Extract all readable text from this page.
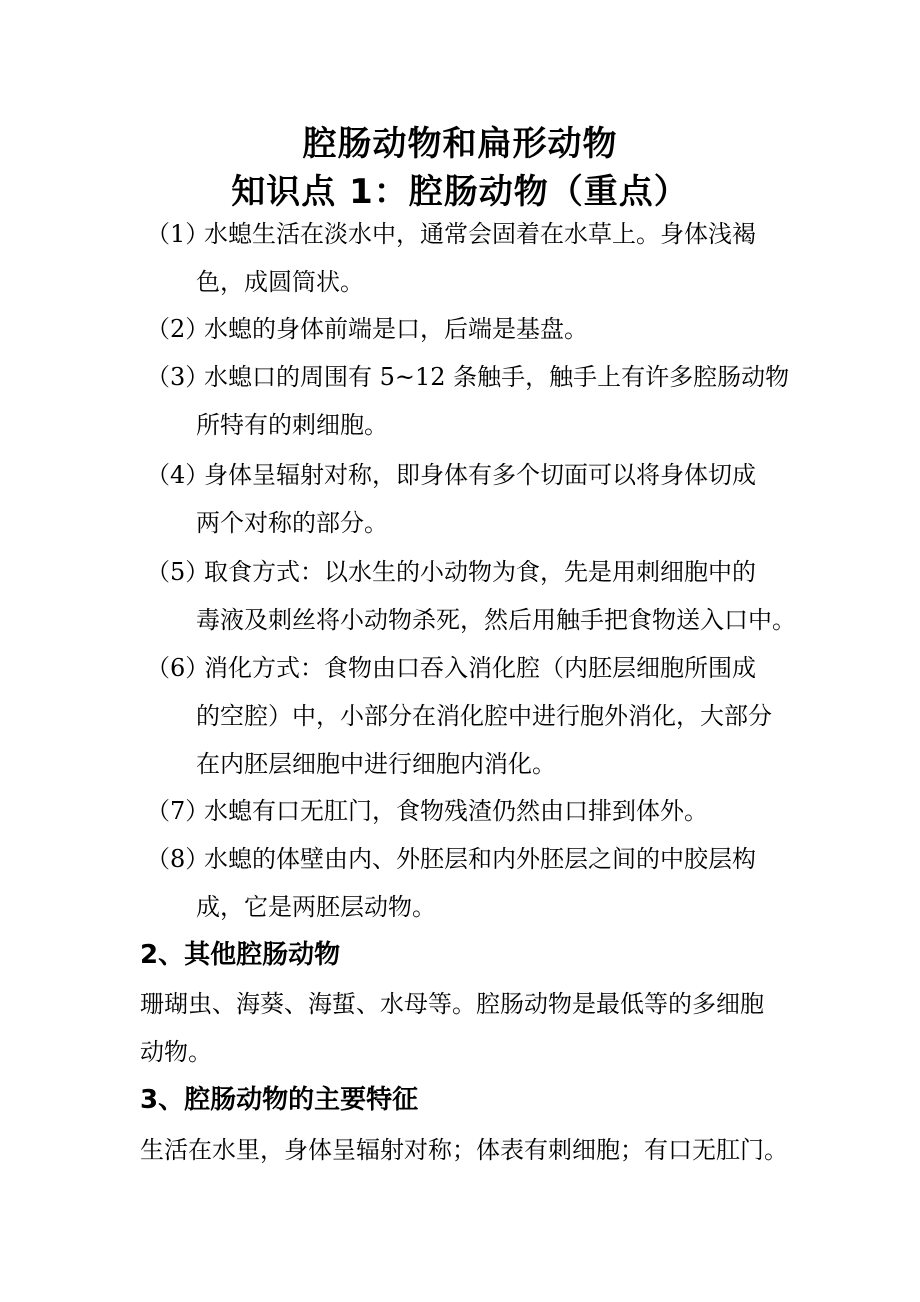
腔肠动物和扁形动物
知识点 1：腔肠动物（重点）
（1）
水螅生活在淡水中，通常会固着在水草上。身体浅褐
色，成圆筒状。
（2）
水螅的身体前端是口，后端是基盘。
（3）
水螅口的周围有 5~12 条触手，触手上有许多腔肠动物
所特有的刺细胞。
（4）
身体呈辐射对称，即身体有多个切面可以将身体切成
两个对称的部分。
（5）
取食方式：以水生的小动物为食，先是用刺细胞中的
毒液及刺丝将小动物杀死，然后用触手把食物送入口中。
（6）
消化方式：食物由口吞入消化腔（内胚层细胞所围成
的空腔）中，小部分在消化腔中进行胞外消化，大部分
在内胚层细胞中进行细胞内消化。
（7）
水螅有口无肛门，食物残渣仍然由口排到体外。
（8）
水螅的体壁由内、外胚层和内外胚层之间的中胶层构
成，它是两胚层动物。
2、其他腔肠动物
珊瑚虫、海葵、海蜇、水母等。腔肠动物是最低等的多细胞
动物。
3、腔肠动物的主要特征
生活在水里，身体呈辐射对称；体表有刺细胞；有口无肛门。
